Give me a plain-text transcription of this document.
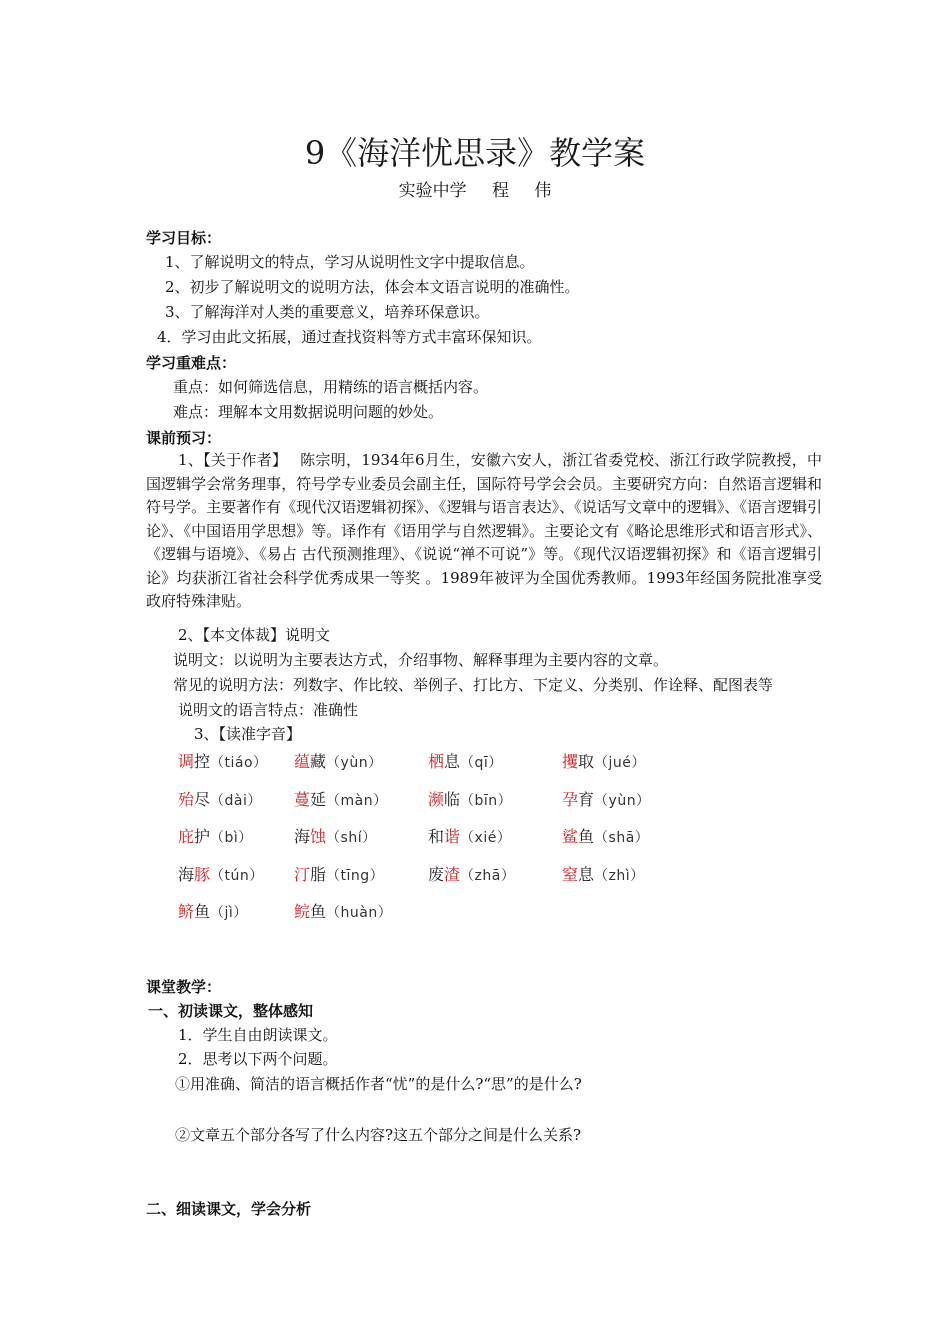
9《海洋忧思录》教学案
实验中学 程 伟
学习目标：
1、了解说明文的特点，学习从说明性文字中提取信息。
2、初步了解说明文的说明方法，体会本文语言说明的准确性。
3、了解海洋对人类的重要意义，培养环保意识。
4．学习由此文拓展，通过查找资料等方式丰富环保知识。
学习重难点：
重点：如何筛选信息，用精练的语言概括内容。
难点：理解本文用数据说明问题的妙处。
课前预习：
1、【关于作者】　 陈宗明，1934年6月生，安徽六安人，浙江省委党校、浙江行政学院教授，中国逻辑学会常务理事，符号学专业委员会副主任，国际符号学会会员。主要研究方向：自然语言逻辑和符号学。主要著作有《现代汉语逻辑初探》、《逻辑与语言表达》、《说话写文章中的逻辑》、《语言逻辑引论》、《中国语用学思想》等。译作有《语用学与自然逻辑》。主要论文有《略论思维形式和语言形式》、《逻辑与语境》、《易占 古代预测推理》、《说说“禅不可说”》等。《现代汉语逻辑初探》和《语言逻辑引论》均获浙江省社会科学优秀成果一等奖 。1989年被评为全国优秀教师。1993年经国务院批准享受政府特殊津贴。
2、【本文体裁】说明文
说明文：以说明为主要表达方式，介绍事物、解释事理为主要内容的文章。
常见的说明方法：列数字、作比较、举例子、打比方、下定义、分类别、作诠释、配图表等
说明文的语言特点：准确性
3、【读准字音】
调控（tiáo） 蕴藏（yùn）	栖息（qī）	攫取（jué）
殆尽（dài） 蔓延（màn）	濒临（bīn）	孕育（yùn）
庇护（bì）	海蚀（shí）	和谐（xié）	鲨鱼（shā）
海豚（tún） 汀脂（tīng）	废渣（zhā）	窒息（zhì）
鲚鱼（jì）	鲩鱼（huàn）
课堂教学：
一、初读课文，整体感知
1．学生自由朗读课文。
2．思考以下两个问题。
①用准确、简洁的语言概括作者“忧”的是什么?“思”的是什么?
②文章五个部分各写了什么内容?这五个部分之间是什么关系?
二、细读课文，学会分析
